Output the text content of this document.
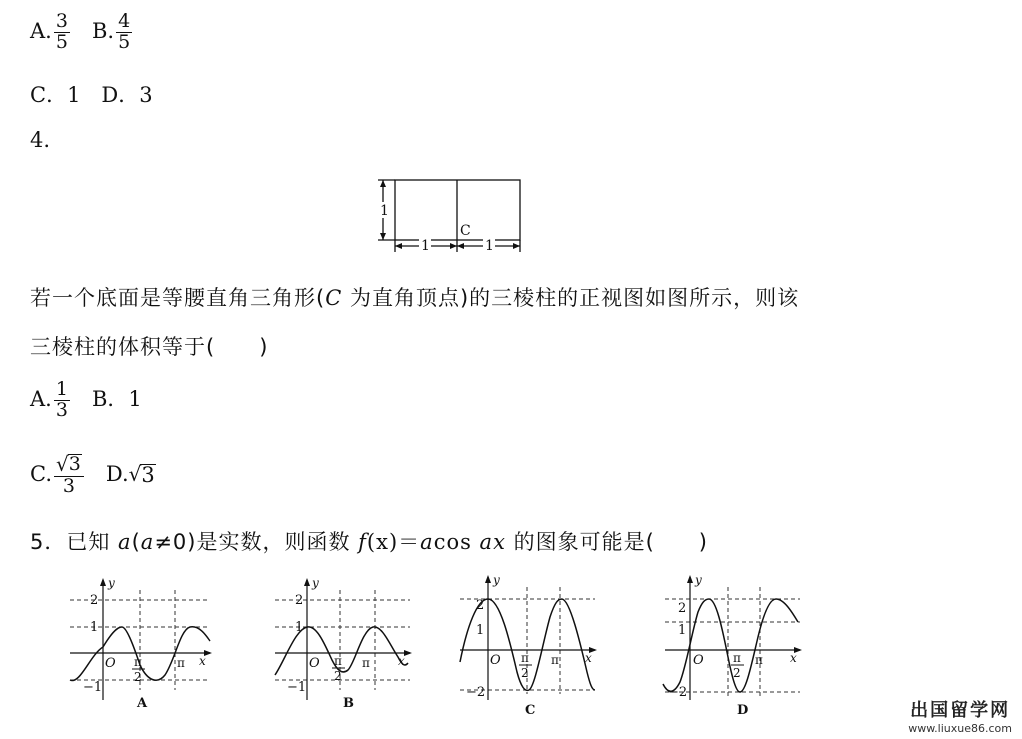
A. $\frac{3}{5} B$. $\frac{4}{5}$
C．1　D．3
4.
1
1	1
C
若一个底面是等腰直角三角形(C 为直角顶点)的三棱柱的正视图如图所示，则该
三棱柱的体积等于(　　)
A. $\frac{1}{3}$ B．1
C. $\frac{√ 3}{3} D$. √ 3
5．已知 a(a≠0)是实数，则函数 f(x)＝acos ax 的图象可能是(　　)
y
x
O
2
1
−1
π
2
π
A
y
x
O
2
1
−1
π
2
π
B
y
x
O
2
1
−2
π
2
π
C
y
x
O
2
1
−2
π
2
π
D	出国留学网
www.liuxue86.com
